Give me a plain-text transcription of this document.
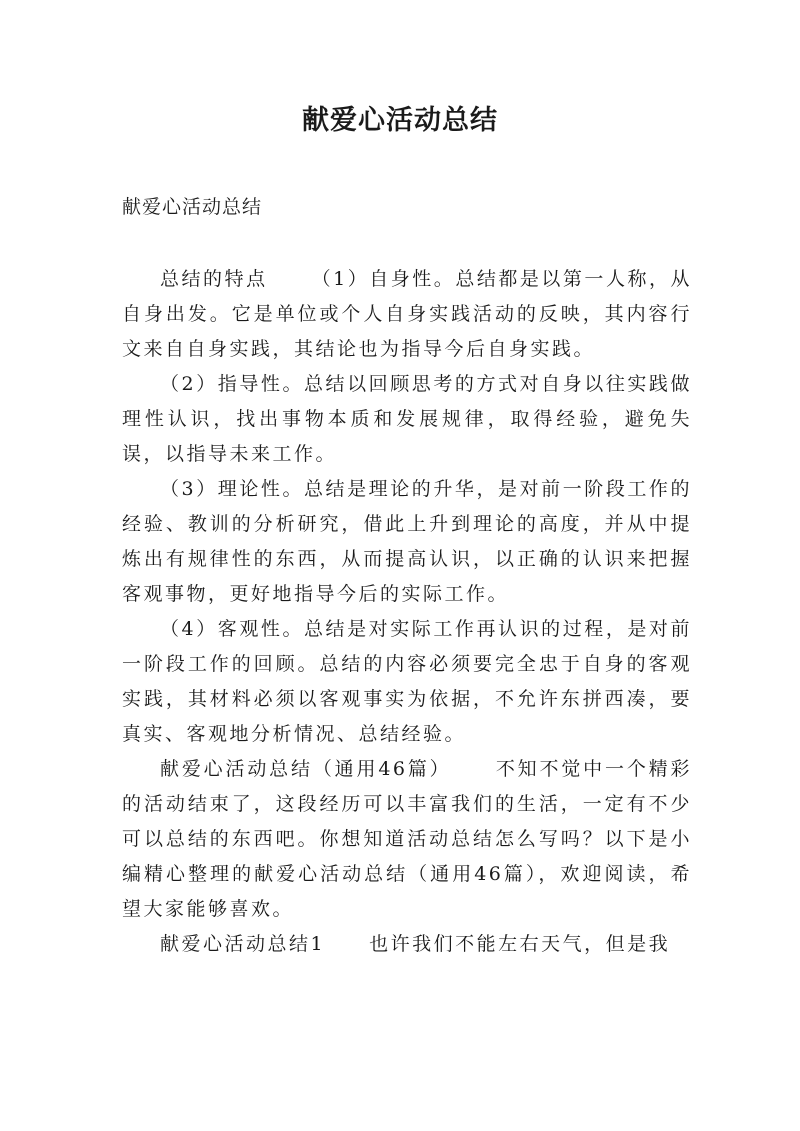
献爱心活动总结

献爱心活动总结

总结的特点 （1）自身性。总结都是以第一人称，从自身出发。它是单位或个人自身实践活动的反映，其内容行文来自自身实践，其结论也为指导今后自身实践。

（2）指导性。总结以回顾思考的方式对自身以往实践做理性认识，找出事物本质和发展规律，取得经验，避免失误，以指导未来工作。

（3）理论性。总结是理论的升华，是对前一阶段工作的经验、教训的分析研究，借此上升到理论的高度，并从中提炼出有规律性的东西，从而提高认识，以正确的认识来把握客观事物，更好地指导今后的实际工作。

（4）客观性。总结是对实际工作再认识的过程，是对前一阶段工作的回顾。总结的内容必须要完全忠于自身的客观实践，其材料必须以客观事实为依据，不允许东拼西凑，要真实、客观地分析情况、总结经验。

献爱心活动总结（通用46篇） 不知不觉中一个精彩的活动结束了，这段经历可以丰富我们的生活，一定有不少可以总结的东西吧。你想知道活动总结怎么写吗？以下是小编精心整理的献爱心活动总结（通用46篇），欢迎阅读，希望大家能够喜欢。

献爱心活动总结1 也许我们不能左右天气，但是我
